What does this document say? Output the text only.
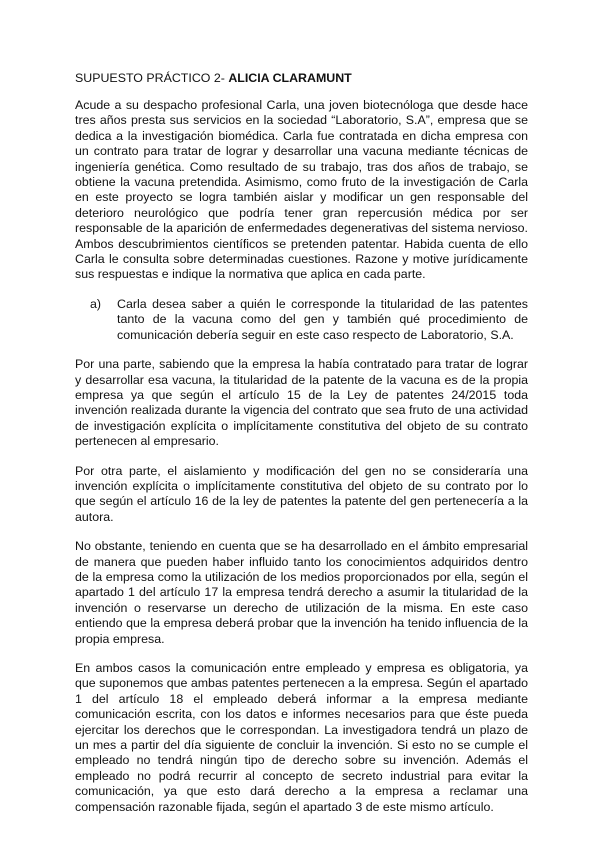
SUPUESTO PRÁCTICO 2- ALICIA CLARAMUNT

Acude a su despacho profesional Carla, una joven biotecnóloga que desde hace tres años presta sus servicios en la sociedad “Laboratorio, S.A”, empresa que se dedica a la investigación biomédica. Carla fue contratada en dicha empresa con un contrato para tratar de lograr y desarrollar una vacuna mediante técnicas de ingeniería genética. Como resultado de su trabajo, tras dos años de trabajo, se obtiene la vacuna pretendida. Asimismo, como fruto de la investigación de Carla en este proyecto se logra también aislar y modificar un gen responsable del deterioro neurológico que podría tener gran repercusión médica por ser responsable de la aparición de enfermedades degenerativas del sistema nervioso. Ambos descubrimientos científicos se pretenden patentar. Habida cuenta de ello Carla le consulta sobre determinadas cuestiones. Razone y motive jurídicamente sus respuestas e indique la normativa que aplica en cada parte.

a)	Carla desea saber a quién le corresponde la titularidad de las patentes tanto de la vacuna como del gen y también qué procedimiento de comunicación debería seguir en este caso respecto de Laboratorio, S.A.

Por una parte, sabiendo que la empresa la había contratado para tratar de lograr y desarrollar esa vacuna, la titularidad de la patente de la vacuna es de la propia empresa ya que según el artículo 15 de la Ley de patentes 24/2015 toda invención realizada durante la vigencia del contrato que sea fruto de una actividad de investigación explícita o implícitamente constitutiva del objeto de su contrato pertenecen al empresario.

Por otra parte, el aislamiento y modificación del gen no se consideraría una invención explícita o implícitamente constitutiva del objeto de su contrato por lo que según el artículo 16 de la ley de patentes la patente del gen pertenecería a la autora.

No obstante, teniendo en cuenta que se ha desarrollado en el ámbito empresarial de manera que pueden haber influido tanto los conocimientos adquiridos dentro de la empresa como la utilización de los medios proporcionados por ella, según el apartado 1 del artículo 17 la empresa tendrá derecho a asumir la titularidad de la invención o reservarse un derecho de utilización de la misma. En este caso entiendo que la empresa deberá probar que la invención ha tenido influencia de la propia empresa.

En ambos casos la comunicación entre empleado y empresa es obligatoria, ya que suponemos que ambas patentes pertenecen a la empresa. Según el apartado 1 del artículo 18 el empleado deberá informar a la empresa mediante comunicación escrita, con los datos e informes necesarios para que éste pueda ejercitar los derechos que le correspondan. La investigadora tendrá un plazo de un mes a partir del día siguiente de concluir la invención. Si esto no se cumple el empleado no tendrá ningún tipo de derecho sobre su invención. Además el empleado no podrá recurrir al concepto de secreto industrial para evitar la comunicación, ya que esto dará derecho a la empresa a reclamar una compensación razonable fijada, según el apartado 3 de este mismo artículo.
